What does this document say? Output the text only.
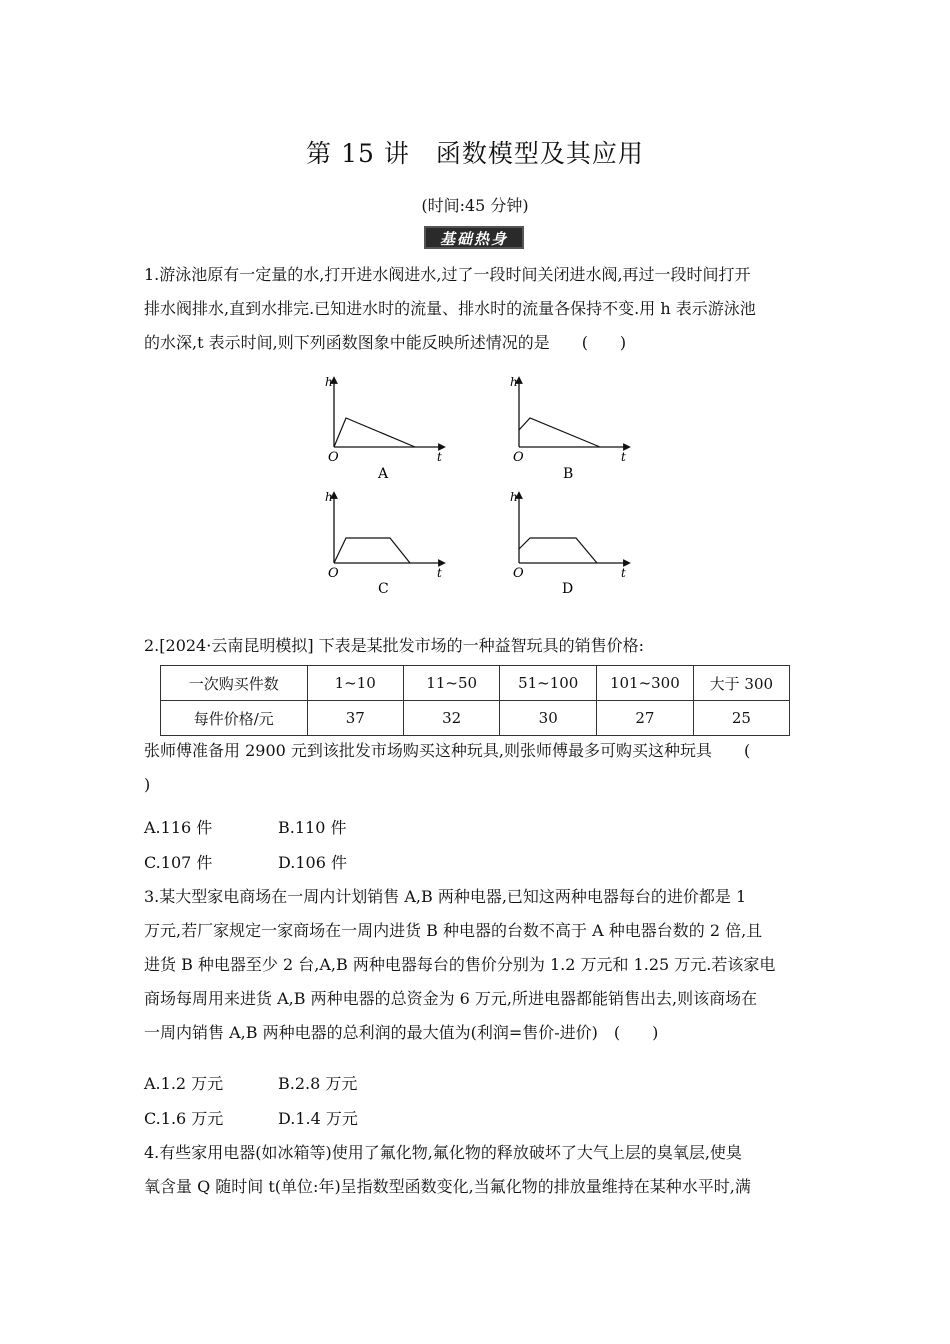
第 15 讲　函数模型及其应用
(时间:45 分钟)
基础热身
1.游泳池原有一定量的水,打开进水阀进水,过了一段时间关闭进水阀,再过一段时间打开
排水阀排水,直到水排完.已知进水时的流量、排水时的流量各保持不变.用 h 表示游泳池
的水深,t 表示时间,则下列函数图象中能反映所述情况的是　　(　　)
h
t
O
A
h
t
O
B
h
t
O
C
h
t
O
D
2.[2024·云南昆明模拟] 下表是某批发市场的一种益智玩具的销售价格:
一次购买件数	1~10	11~50	51~100	101~300	大于 300
每件价格/元	37	32	30	27	25
张师傅准备用 2900 元到该批发市场购买这种玩具,则张师傅最多可购买这种玩具　　(
)
A.116 件	B.110 件
C.107 件	D.106 件
3.某大型家电商场在一周内计划销售 A,B 两种电器,已知这两种电器每台的进价都是 1
万元,若厂家规定一家商场在一周内进货 B 种电器的台数不高于 A 种电器台数的 2 倍,且
进货 B 种电器至少 2 台,A,B 两种电器每台的售价分别为 1.2 万元和 1.25 万元.若该家电
商场每周用来进货 A,B 两种电器的总资金为 6 万元,所进电器都能销售出去,则该商场在
一周内销售 A,B 两种电器的总利润的最大值为(利润=售价-进价)　(　　)
A.1.2 万元	B.2.8 万元
C.1.6 万元	D.1.4 万元
4.有些家用电器(如冰箱等)使用了氟化物,氟化物的释放破坏了大气上层的臭氧层,使臭
氧含量 Q 随时间 t(单位:年)呈指数型函数变化,当氟化物的排放量维持在某种水平时,满
